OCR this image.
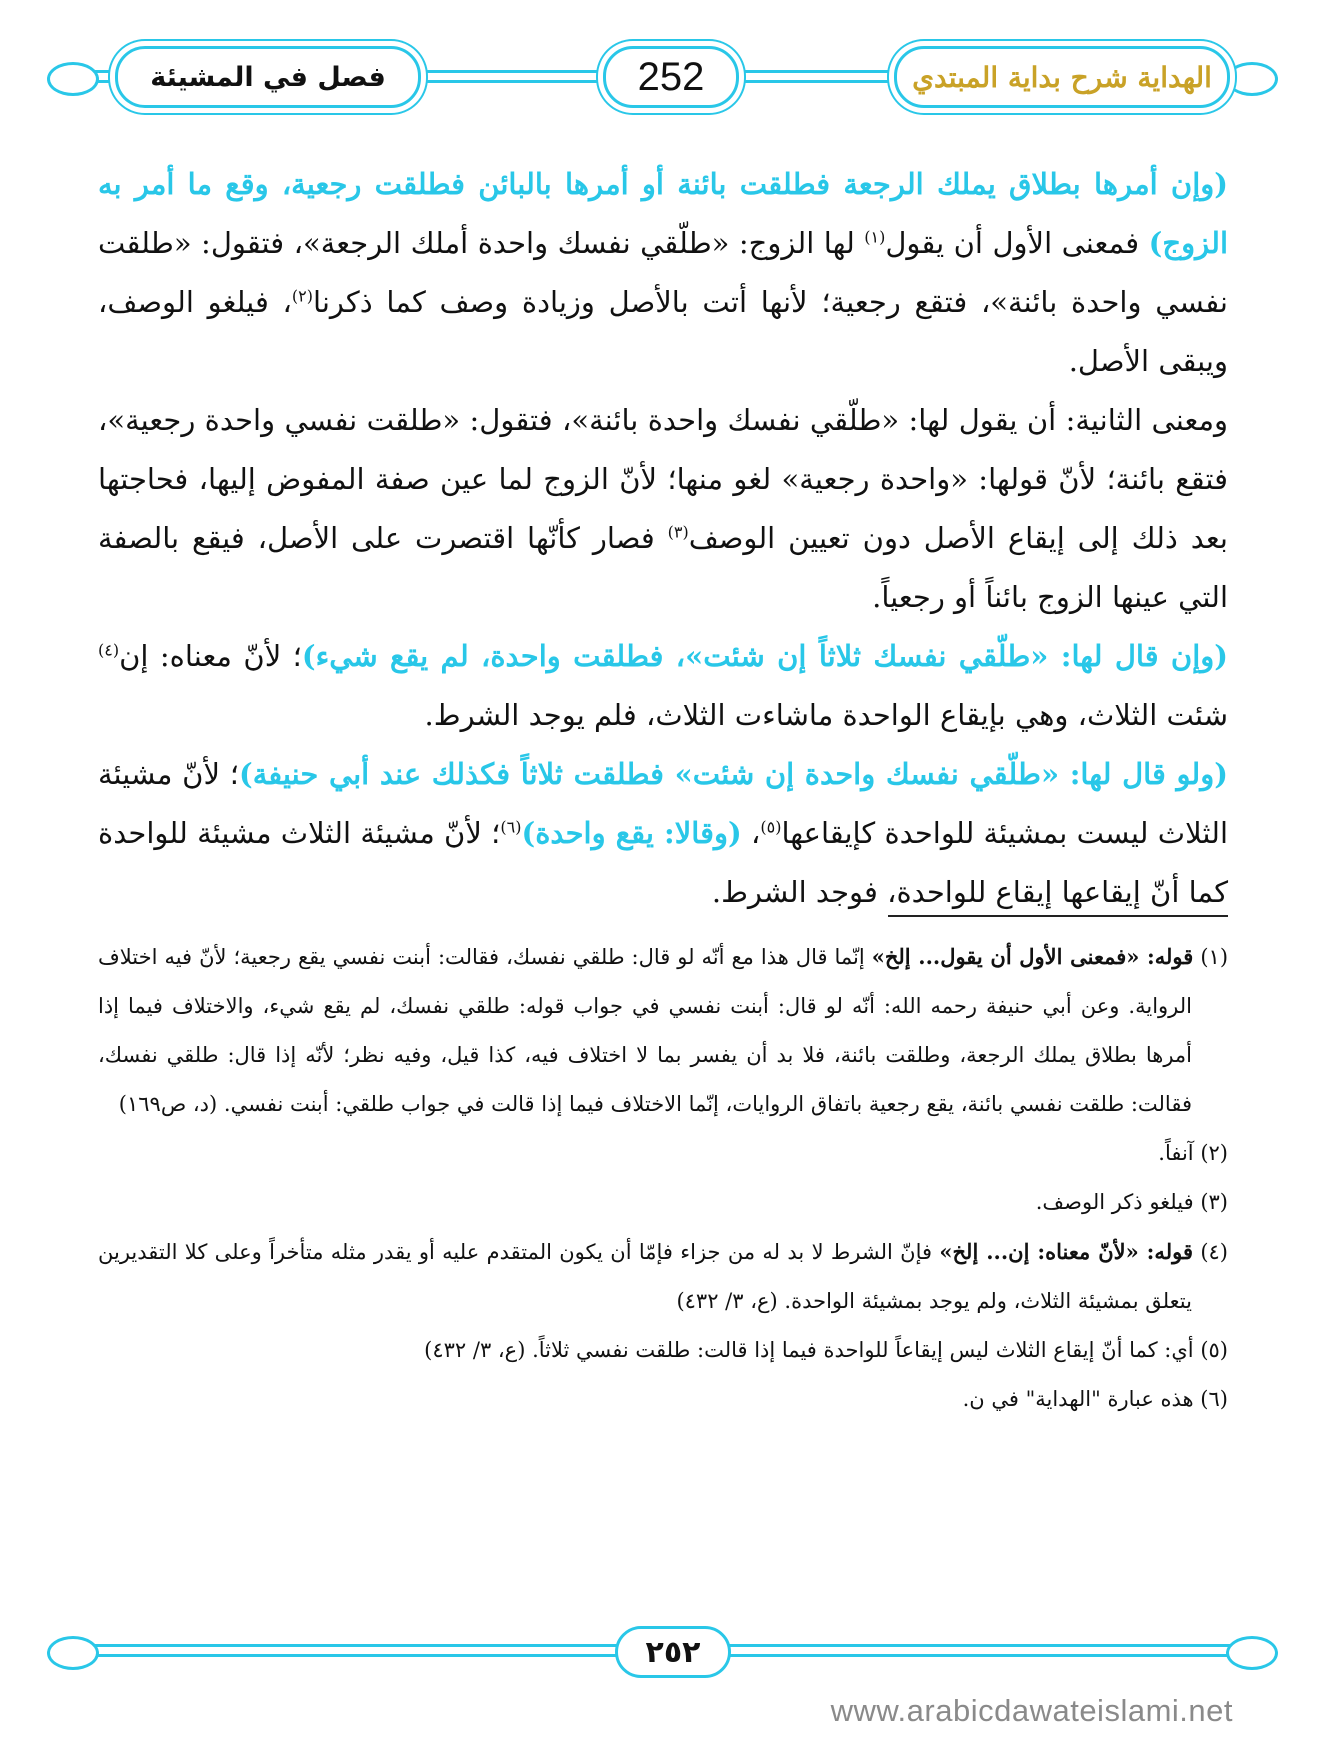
فصل في المشيئة	252	الهداية شرح بداية المبتدي

(وإن أمرها بطلاق يملك الرجعة فطلقت بائنة أو أمرها بالبائن فطلقت رجعية، وقع ما أمر به الزوج) فمعنى الأول أن يقول$^{(١)}$ لها الزوج: «طلّقي نفسك واحدة أملك الرجعة»، فتقول: «طلقت نفسي واحدة بائنة»، فتقع رجعية؛ لأنها أتت بالأصل وزيادة وصف كما ذكرنا$^{(٢)}$، فيلغو الوصف، ويبقى الأصل.

ومعنى الثانية: أن يقول لها: «طلّقي نفسك واحدة بائنة»، فتقول: «طلقت نفسي واحدة رجعية»، فتقع بائنة؛ لأنّ قولها: «واحدة رجعية» لغو منها؛ لأنّ الزوج لما عين صفة المفوض إليها، فحاجتها بعد ذلك إلى إيقاع الأصل دون تعيين الوصف$^{(٣)}$ فصار كأنّها اقتصرت على الأصل، فيقع بالصفة التي عينها الزوج بائناً أو رجعياً.

(وإن قال لها: «طلّقي نفسك ثلاثاً إن شئت»، فطلقت واحدة، لم يقع شيء)؛ لأنّ معناه: إن$^{(٤)}$ شئت الثلاث، وهي بإيقاع الواحدة ماشاءت الثلاث، فلم يوجد الشرط.

(ولو قال لها: «طلّقي نفسك واحدة إن شئت» فطلقت ثلاثاً فكذلك عند أبي حنيفة)؛ لأنّ مشيئة الثلاث ليست بمشيئة للواحدة كإيقاعها$^{(٥)}$، (وقالا: يقع واحدة)$^{(٦)}$؛ لأنّ مشيئة الثلاث مشيئة للواحدة كما أنّ إيقاعها إيقاع للواحدة، فوجد الشرط.

(١) قوله: «فمعنى الأول أن يقول... إلخ» إنّما قال هذا مع أنّه لو قال: طلقي نفسك، فقالت: أبنت نفسي يقع رجعية؛ لأنّ فيه اختلاف الرواية. وعن أبي حنيفة رحمه الله: أنّه لو قال: أبنت نفسي في جواب قوله: طلقي نفسك، لم يقع شيء، والاختلاف فيما إذا أمرها بطلاق يملك الرجعة، وطلقت بائنة، فلا بد أن يفسر بما لا اختلاف فيه، كذا قيل، وفيه نظر؛ لأنّه إذا قال: طلقي نفسك، فقالت: طلقت نفسي بائنة، يقع رجعية باتفاق الروايات، إنّما الاختلاف فيما إذا قالت في جواب طلقي: أبنت نفسي. (د، ص١٦٩)

(٢) آنفاً.

(٣) فيلغو ذكر الوصف.

(٤) قوله: «لأنّ معناه: إن... إلخ» فإنّ الشرط لا بد له من جزاء فإمّا أن يكون المتقدم عليه أو يقدر مثله متأخراً وعلى كلا التقديرين يتعلق بمشيئة الثلاث، ولم يوجد بمشيئة الواحدة. (ع، ٣/ ٤٣٢)

(٥) أي: كما أنّ إيقاع الثلاث ليس إيقاعاً للواحدة فيما إذا قالت: طلقت نفسي ثلاثاً. (ع، ٣/ ٤٣٢)

(٦) هذه عبارة "الهداية" في ن.

٢٥٢
www.arabicdawateislami.net
